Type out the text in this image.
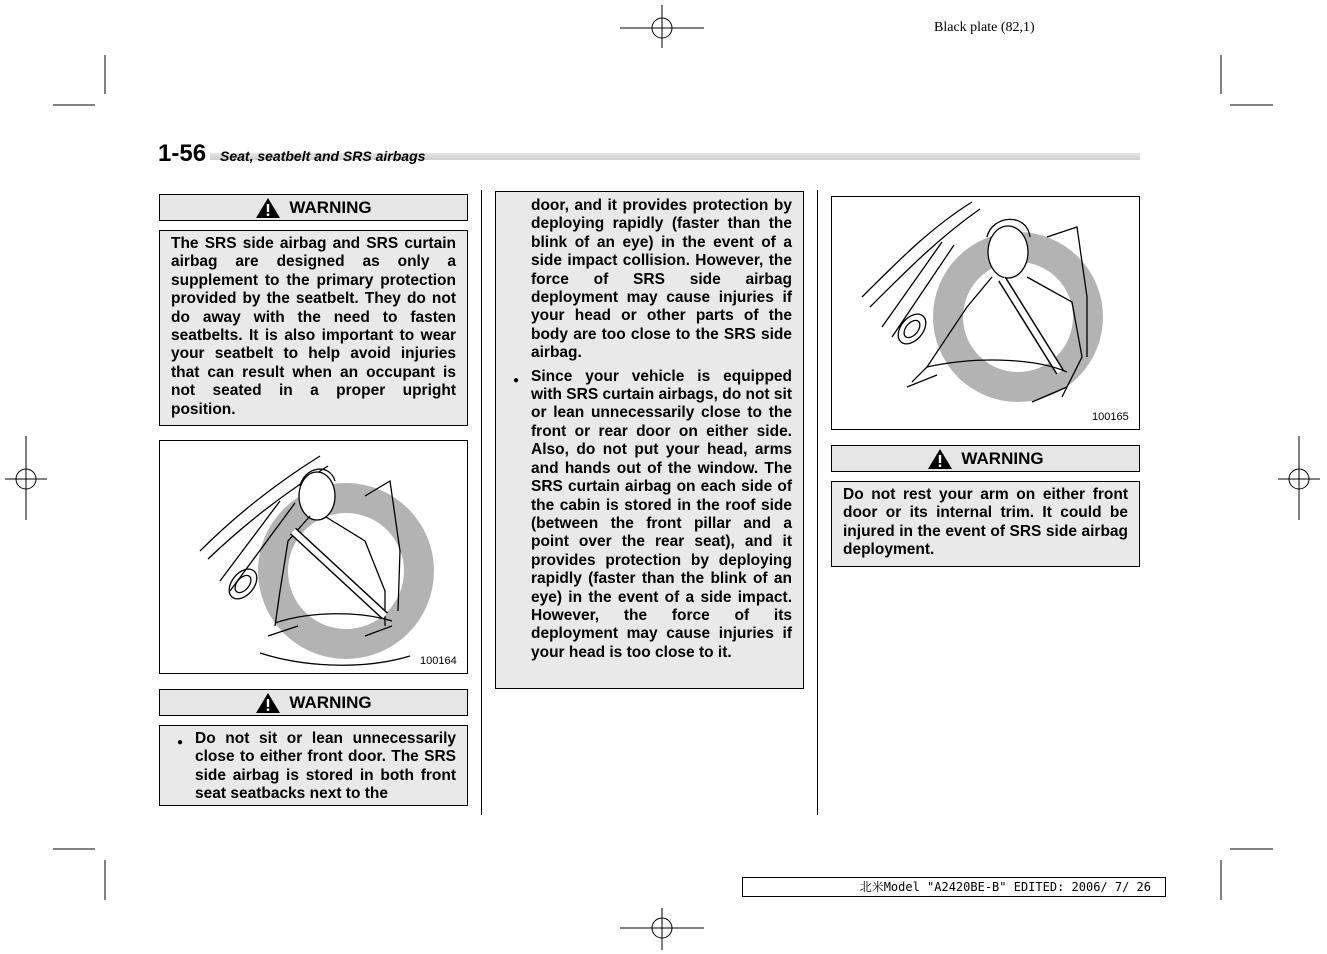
Black plate (82,1)
1-56 Seat, seatbelt and SRS airbags
WARNING

The SRS side airbag and SRS curtain airbag are designed as only a supplement to the primary protection provided by the seatbelt. They do not do away with the need to fasten seatbelts. It is also important to wear your seatbelt to help avoid injuries that can result when an occupant is not seated in a proper upright position.

100164
WARNING
● Do not sit or lean unnecessarily close to either front door. The SRS side airbag is stored in both front seat seatbacks next to the

door, and it provides protection by deploying rapidly (faster than the blink of an eye) in the event of a side impact collision. However, the force of SRS side airbag deployment may cause injuries if your head or other parts of the body are too close to the SRS side airbag.

● Since your vehicle is equipped with SRS curtain airbags, do not sit or lean unnecessarily close to the front or rear door on either side. Also, do not put your head, arms and hands out of the window. The SRS curtain airbag on each side of the cabin is stored in the roof side (between the front pillar and a point over the rear seat), and it provides protection by deploying rapidly (faster than the blink of an eye) in the event of a side impact. However, the force of its deployment may cause injuries if your head is too close to it.

100165
WARNING

Do not rest your arm on either front door or its internal trim. It could be injured in the event of SRS side airbag deployment.

北米Model "A2420BE-B" EDITED: 2006/ 7/ 26
